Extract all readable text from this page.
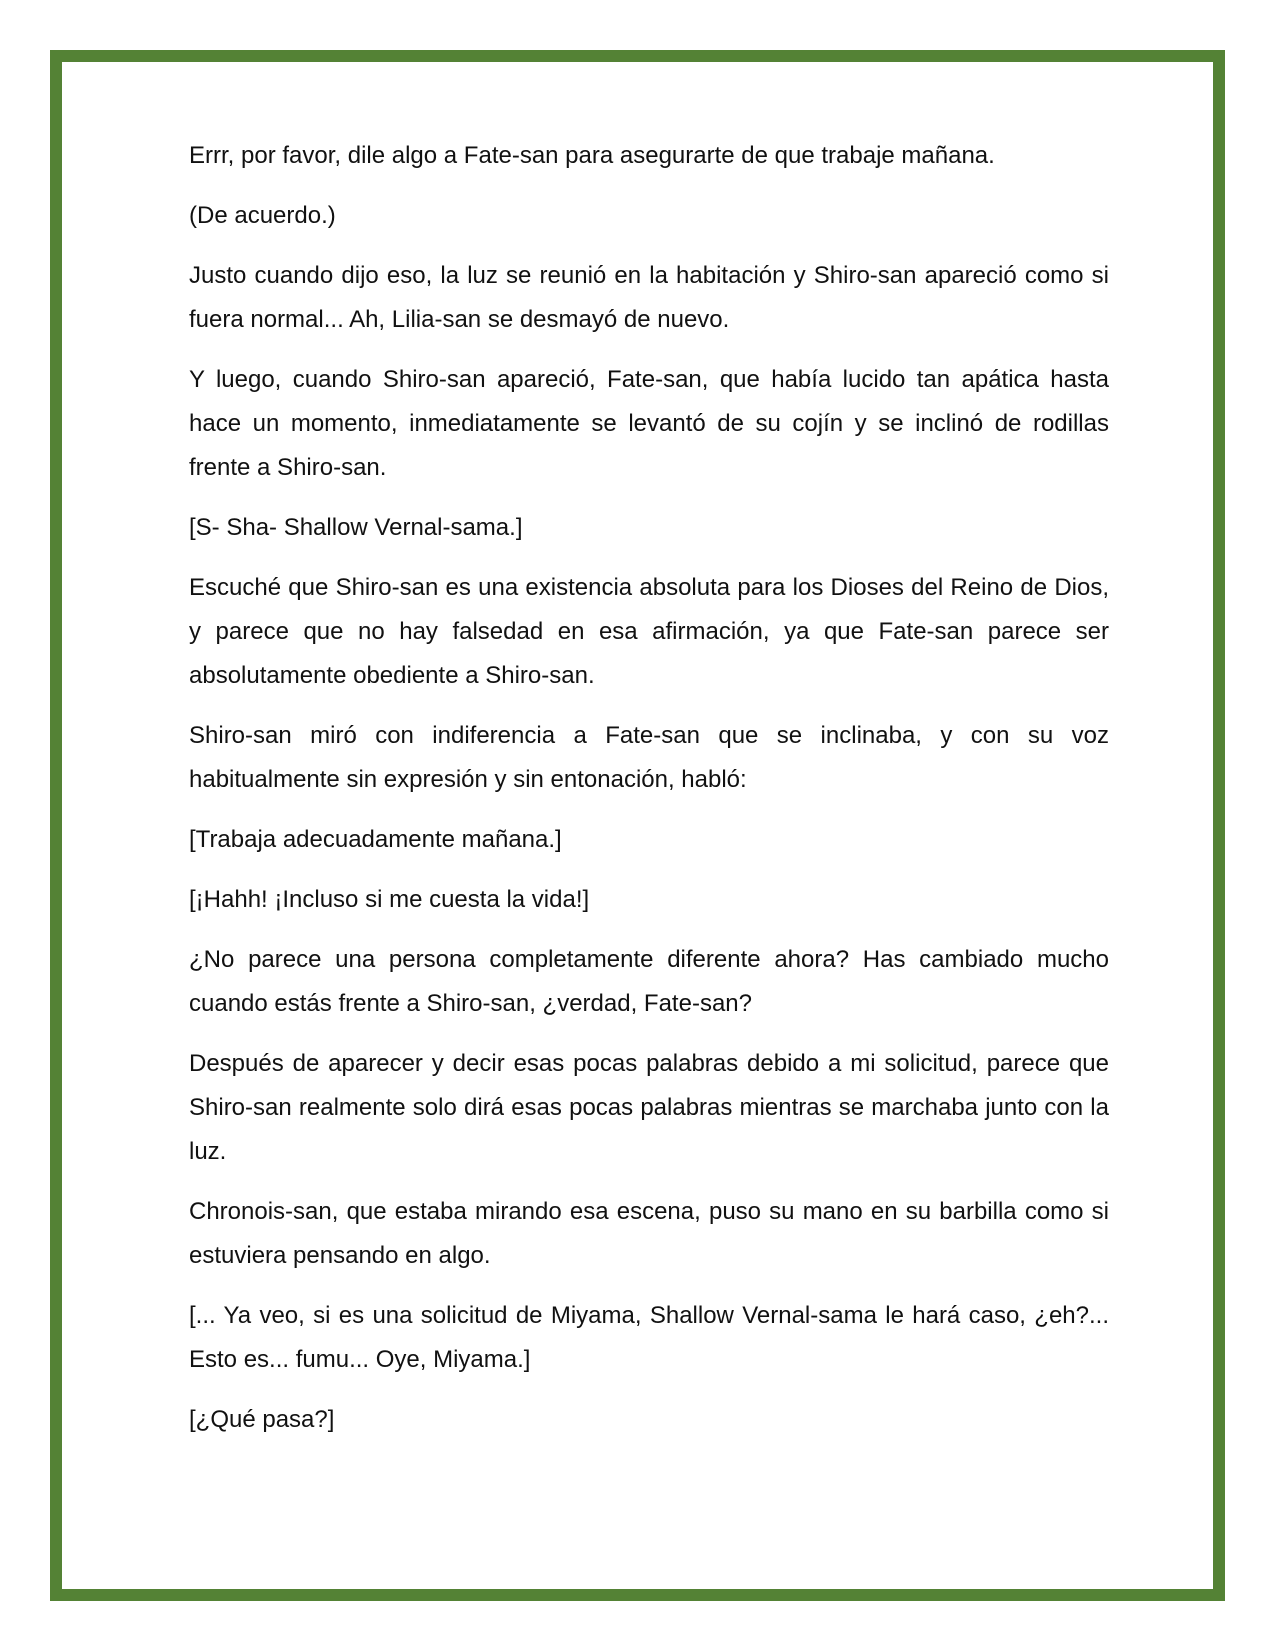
Errr, por favor, dile algo a Fate-san para asegurarte de que trabaje mañana.

(De acuerdo.)

Justo cuando dijo eso, la luz se reunió en la habitación y Shiro-san apareció como si fuera normal... Ah, Lilia-san se desmayó de nuevo.

Y luego, cuando Shiro-san apareció, Fate-san, que había lucido tan apática hasta hace un momento, inmediatamente se levantó de su cojín y se inclinó de rodillas frente a Shiro-san.

[S- Sha- Shallow Vernal-sama.]

Escuché que Shiro-san es una existencia absoluta para los Dioses del Reino de Dios, y parece que no hay falsedad en esa afirmación, ya que Fate-san parece ser absolutamente obediente a Shiro-san.

Shiro-san miró con indiferencia a Fate-san que se inclinaba, y con su voz habitualmente sin expresión y sin entonación, habló:

[Trabaja adecuadamente mañana.]

[¡Hahh! ¡Incluso si me cuesta la vida!]

¿No parece una persona completamente diferente ahora? Has cambiado mucho cuando estás frente a Shiro-san, ¿verdad, Fate-san?

Después de aparecer y decir esas pocas palabras debido a mi solicitud, parece que Shiro-san realmente solo dirá esas pocas palabras mientras se marchaba junto con la luz.

Chronois-san, que estaba mirando esa escena, puso su mano en su barbilla como si estuviera pensando en algo.

[... Ya veo, si es una solicitud de Miyama, Shallow Vernal-sama le hará caso, ¿eh?... Esto es... fumu... Oye, Miyama.]

[¿Qué pasa?]
